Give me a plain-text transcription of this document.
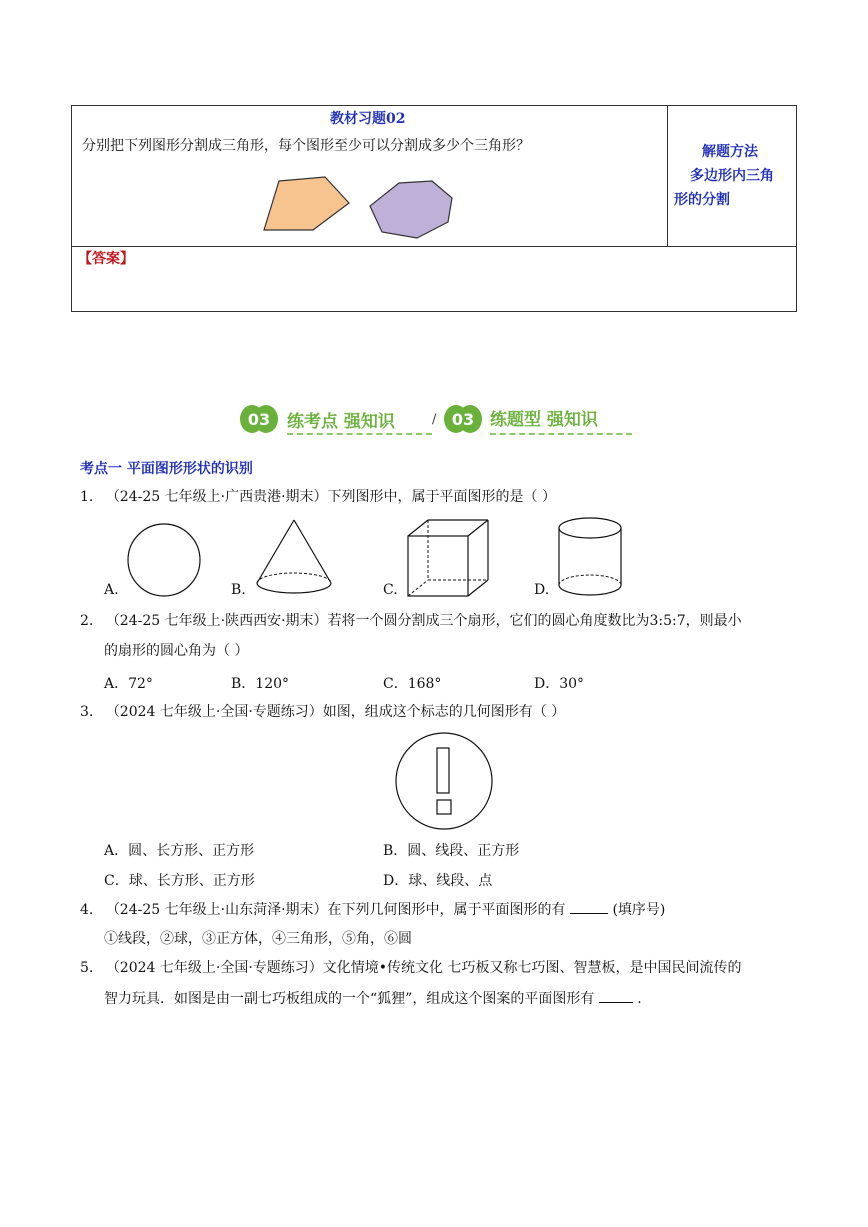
教材习题02
分别把下列图形分割成三角形，每个图形至少可以分割成多少个三角形？	解题方法
多边形内三角
形的分割
【答案】
03 练考点 强知识	/ 03 练题型 强知识
考点一 平面图形形状的识别
1. （24-25 七年级上·广西贵港·期末）下列图形中，属于平面图形的是（ ）
A.	B.	C.	D.
2. （24-25 七年级上·陕西西安·期末）若将一个圆分割成三个扇形，它们的圆心角度数比为3:5:7，则最小
的扇形的圆心角为（ ）
A．72°	B．120°	C．168°	D．30°
3. （2024 七年级上·全国·专题练习）如图，组成这个标志的几何图形有（ ）
A．圆、长方形、正方形	B．圆、线段、正方形
C．球、长方形、正方形	D．球、线段、点
4. （24-25 七年级上·山东菏泽·期末）在下列几何图形中，属于平面图形的有	(填序号)
①线段，②球，③正方体，④三角形，⑤角，⑥圆
5. （2024 七年级上·全国·专题练习）文化情境•传统文化 七巧板又称七巧图、智慧板，是中国民间流传的
智力玩具．如图是由一副七巧板组成的一个“狐狸”，组成这个图案的平面图形有	.
